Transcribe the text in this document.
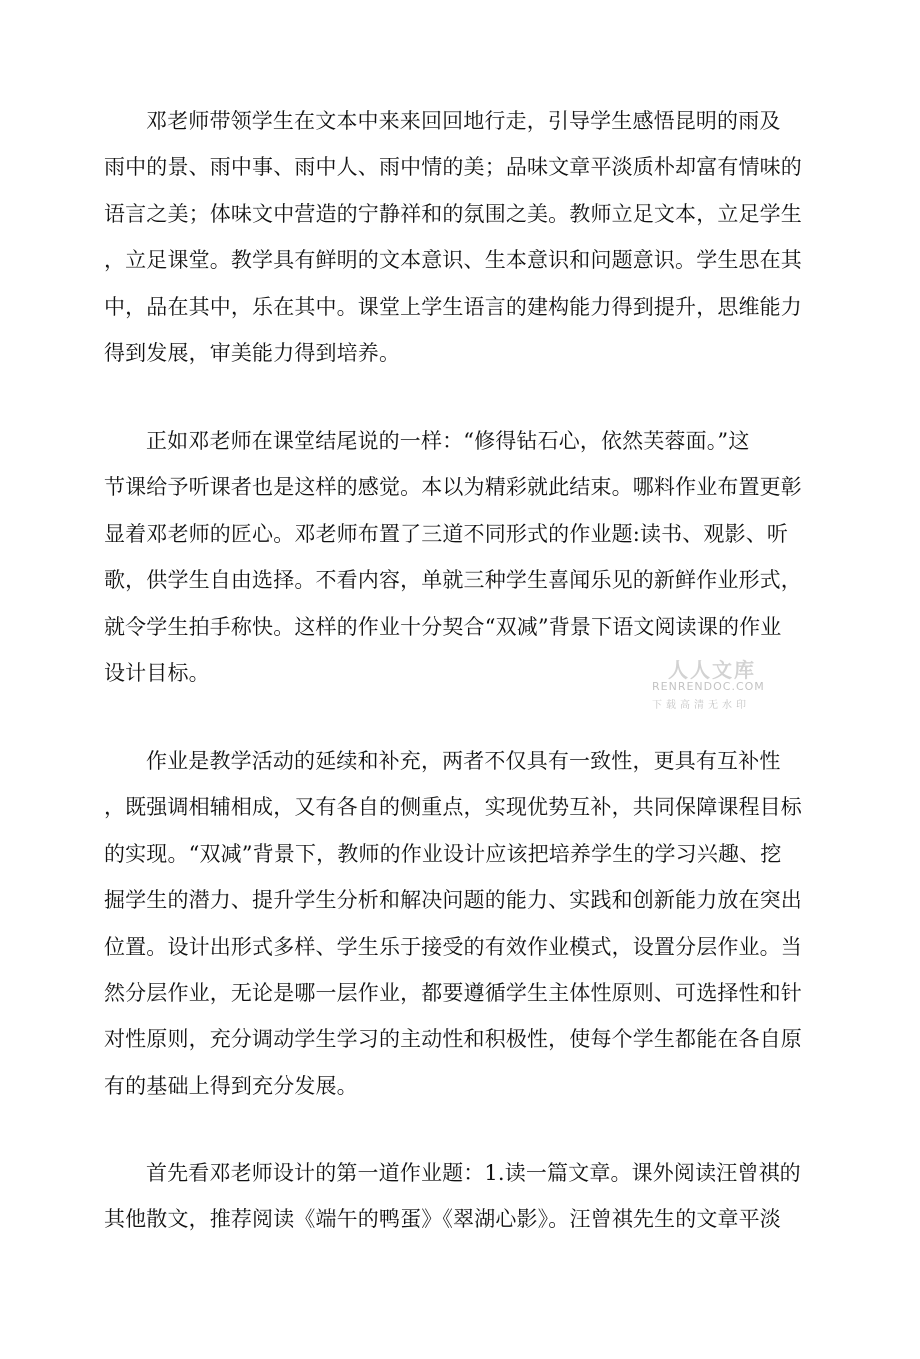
邓老师带领学生在文本中来来回回地行走，引导学生感悟昆明的雨及
雨中的景、雨中事、雨中人、雨中情的美；品味文章平淡质朴却富有情味的
语言之美；体味文中营造的宁静祥和的氛围之美。教师立足文本，立足学生
，立足课堂。教学具有鲜明的文本意识、生本意识和问题意识。学生思在其
中，品在其中，乐在其中。课堂上学生语言的建构能力得到提升，思维能力
得到发展，审美能力得到培养。
正如邓老师在课堂结尾说的一样：“修得钻石心，依然芙蓉面。”这
节课给予听课者也是这样的感觉。本以为精彩就此结束。哪料作业布置更彰
显着邓老师的匠心。邓老师布置了三道不同形式的作业题:读书、观影、听
歌，供学生自由选择。不看内容，单就三种学生喜闻乐见的新鲜作业形式，
就令学生拍手称快。这样的作业十分契合“双减”背景下语文阅读课的作业
设计目标。
作业是教学活动的延续和补充，两者不仅具有一致性，更具有互补性
，既强调相辅相成，又有各自的侧重点，实现优势互补，共同保障课程目标
的实现。“双减”背景下，教师的作业设计应该把培养学生的学习兴趣、挖
掘学生的潜力、提升学生分析和解决问题的能力、实践和创新能力放在突出
位置。设计出形式多样、学生乐于接受的有效作业模式，设置分层作业。当
然分层作业，无论是哪一层作业，都要遵循学生主体性原则、可选择性和针
对性原则，充分调动学生学习的主动性和积极性，使每个学生都能在各自原
有的基础上得到充分发展。
首先看邓老师设计的第一道作业题：1.读一篇文章。课外阅读汪曾祺的
其他散文，推荐阅读《端午的鸭蛋》《翠湖心影》。汪曾祺先生的文章平淡
人人文库
RENRENDOC.COM
下载高清无水印
